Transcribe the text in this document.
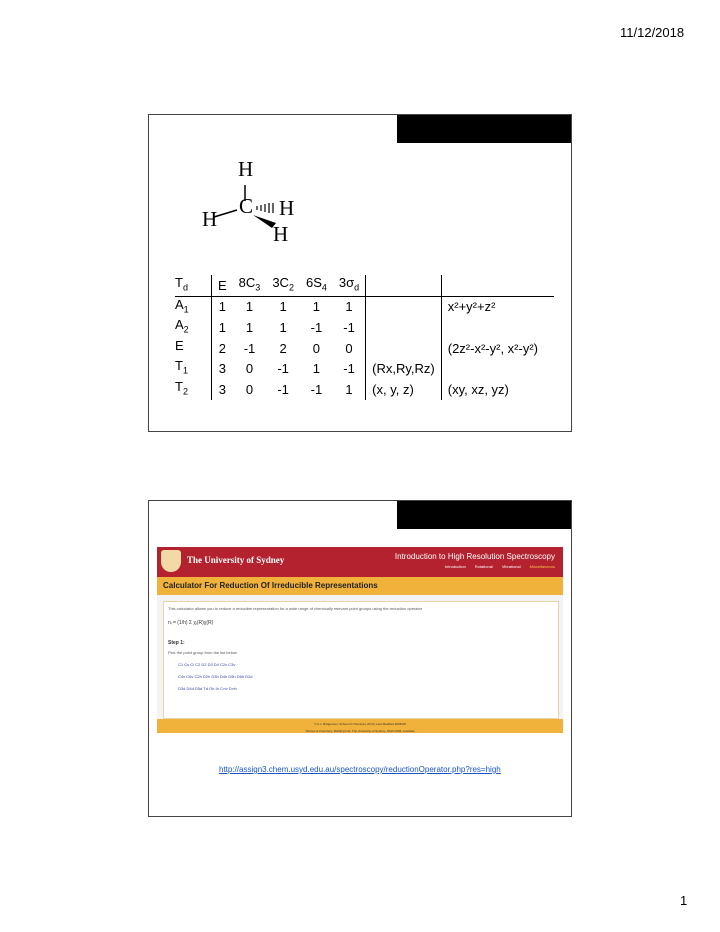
11/12/2018
H
C
H	H
H
$T_d$	E	$8C_3$	$3C_2$	$6S_4$	$3\sigma_d$		
$A_1$	1	1	1	1	1		x²+y²+z²
$A_2$	1	1	1	-1	-1		
E	2	-1	2	0	0		(2z²-x²-y², x²-y²)
$T_1$	3	0	-1	1	-1	(Rx,Ry,Rz)	
$T_2$	3	0	-1	-1	1	(x, y, z)	(xy, xz, yz)
The University of Sydney	Introduction to High Resolution Spectroscopy
Introduction Rotational Vibrational Miscellaneous
Calculator For Reduction Of Irreducible Representations
This calculator allows you to reduce a reducible representation for a wide range of chemically relevant point groups using the reduction operator
nᵢ = (1/h) Σ χᵢ(R)χ(R)
Step 1:
Pick the point group from the list below
C1 Cs Ci C2 D2 D3 D4 C2v C3v
C4v C6v C2h D2h D3h D4h D5h D6h D2d
D3d D4d D5d Td Oh Ih C∞v D∞h
© A.J. Bridgeman, School of Chemistry 2014 | Last Modified 2008-08
School of Chemistry, Building F11, The University of Sydney, NSW 2006, Australia
http://assign3.chem.usyd.edu.au/spectroscopy/reductionOperator.php?res=high
1
